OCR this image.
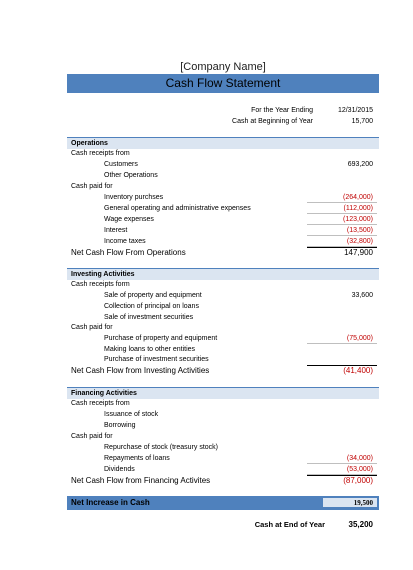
[Company Name]
Cash Flow Statement
For the Year Ending	12/31/2015
Cash at Beginning of Year	15,700
Operations
Cash receipts from
Customers	693,200
Other Operations
Cash paid for
Inventory purchses	(264,000)
General operating and administrative expenses	(112,000)
Wage expenses	(123,000)
Interest	(13,500)
Income taxes	(32,800)
Net Cash Flow From Operations	147,900
Investing Activities
Cash receipts form
Sale of property and equipment	33,600
Collection of principal on loans
Sale of investment securities
Cash paid for
Purchase of property and equipment	(75,000)
Making loans to other entities
Purchase of investment securities
Net Cash Flow from Investing Activities	(41,400)
Financing Activities
Cash receipts from
Issuance of stock
Borrowing
Cash paid for
Repurchase of stock (treasury stock)
Repayments of loans	(34,000)
Dividends	(53,000)
Net Cash Flow from Financing Activites	(87,000)
Net Increase in Cash	19,500
Cash at End of Year	35,200
